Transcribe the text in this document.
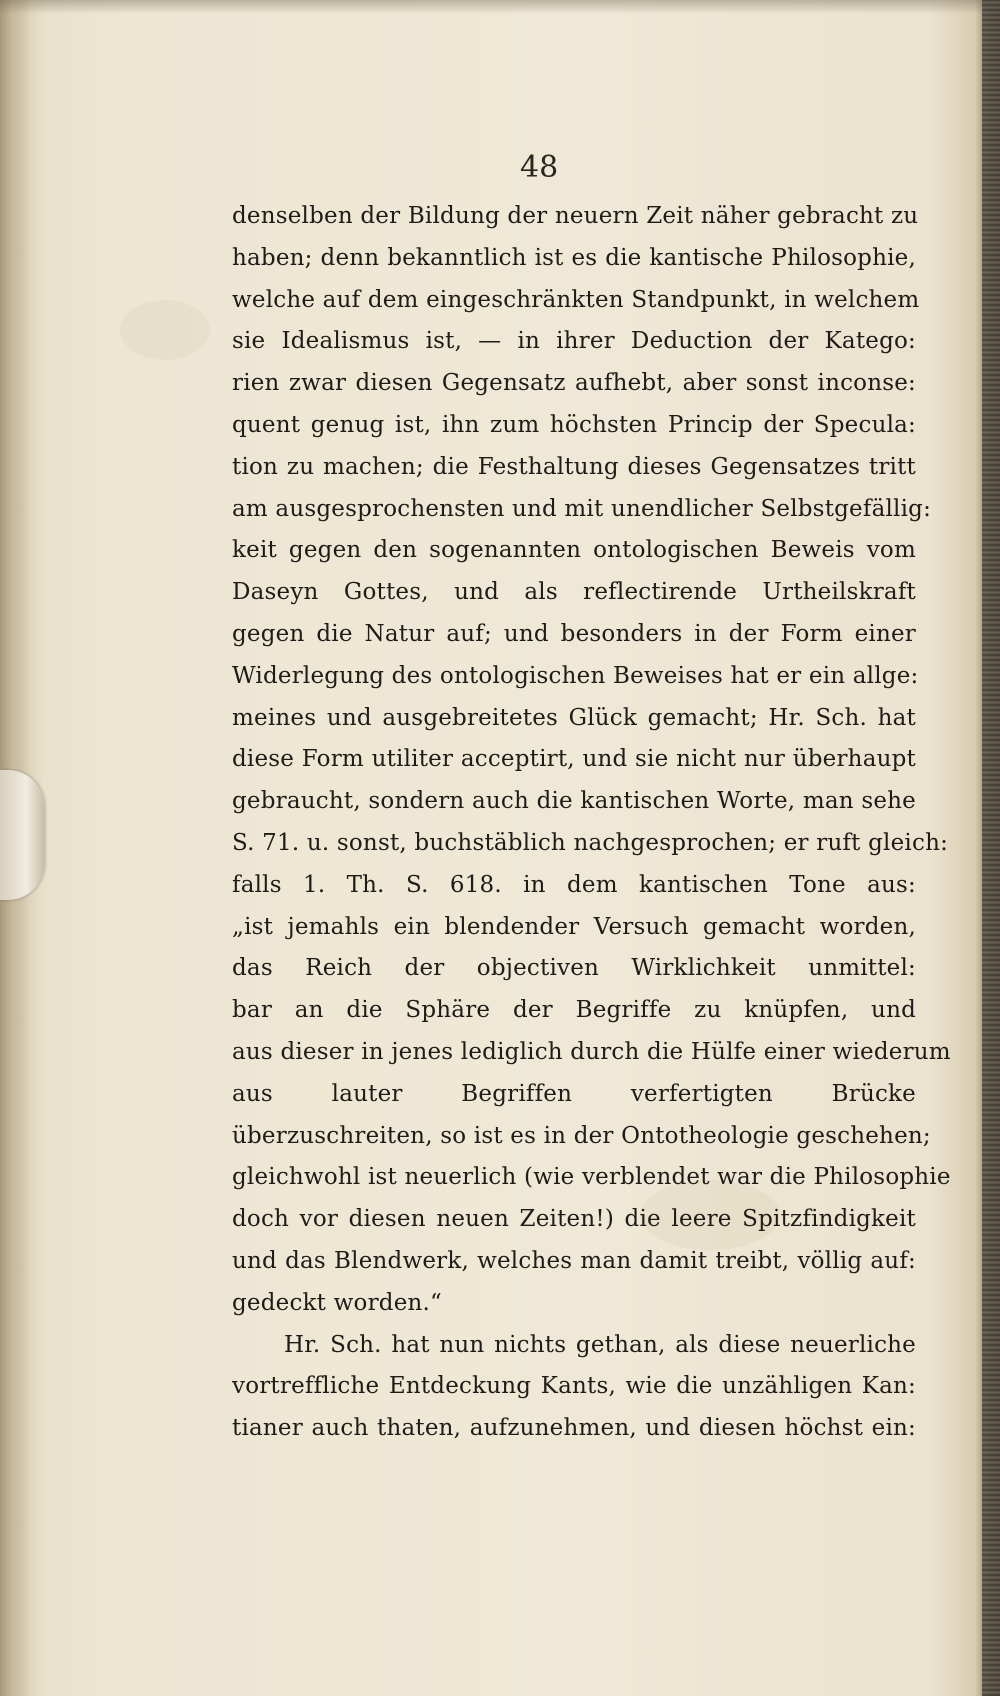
48
denselben der Bildung der neuern Zeit näher gebracht zu
haben; denn bekanntlich ist es die kantische Philosophie,
welche auf dem eingeschränkten Standpunkt, in welchem
sie Idealismus ist, — in ihrer Deduction der Katego:
rien zwar diesen Gegensatz aufhebt, aber sonst inconse:
quent genug ist, ihn zum höchsten Princip der Specula:
tion zu machen; die Festhaltung dieses Gegensatzes tritt
am ausgesprochensten und mit unendlicher Selbstgefällig:
keit gegen den sogenannten ontologischen Beweis vom
Daseyn Gottes, und als reflectirende Urtheilskraft
gegen die Natur auf; und besonders in der Form einer
Widerlegung des ontologischen Beweises hat er ein allge:
meines und ausgebreitetes Glück gemacht; Hr. Sch. hat
diese Form utiliter acceptirt, und sie nicht nur überhaupt
gebraucht, sondern auch die kantischen Worte, man sehe
S. 71. u. sonst, buchstäblich nachgesprochen; er ruft gleich:
falls 1. Th. S. 618. in dem kantischen Tone aus:
„ist jemahls ein blendender Versuch gemacht worden,
das Reich der objectiven Wirklichkeit unmittel:
bar an die Sphäre der Begriffe zu knüpfen, und
aus dieser in jenes lediglich durch die Hülfe einer wiederum
aus lauter Begriffen verfertigten Brücke
überzuschreiten, so ist es in der Ontotheologie geschehen;
gleichwohl ist neuerlich (wie verblendet war die Philosophie
doch vor diesen neuen Zeiten!) die leere Spitzfindigkeit
und das Blendwerk, welches man damit treibt, völlig auf:
gedeckt worden.“
Hr. Sch. hat nun nichts gethan, als diese neuerliche
vortreffliche Entdeckung Kants, wie die unzähligen Kan:
tianer auch thaten, aufzunehmen, und diesen höchst ein:
